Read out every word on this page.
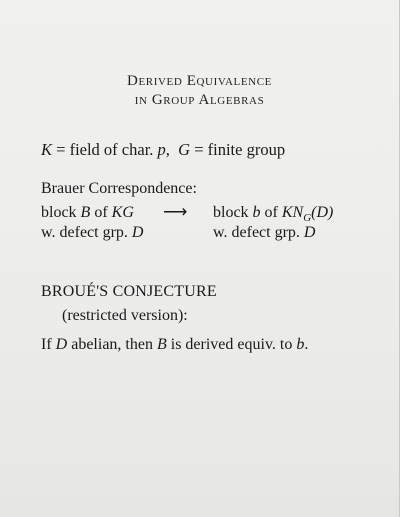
Derived Equivalence
in Group Algebras
K = field of char. p,  G = finite group
Brauer Correspondence:
block B of KG ⟶ block b of $KN_G(D)$
w. defect grp. D	w. defect grp. D
BROUÉ'S CONJECTURE
(restricted version):
If D abelian, then B is derived equiv. to b.
